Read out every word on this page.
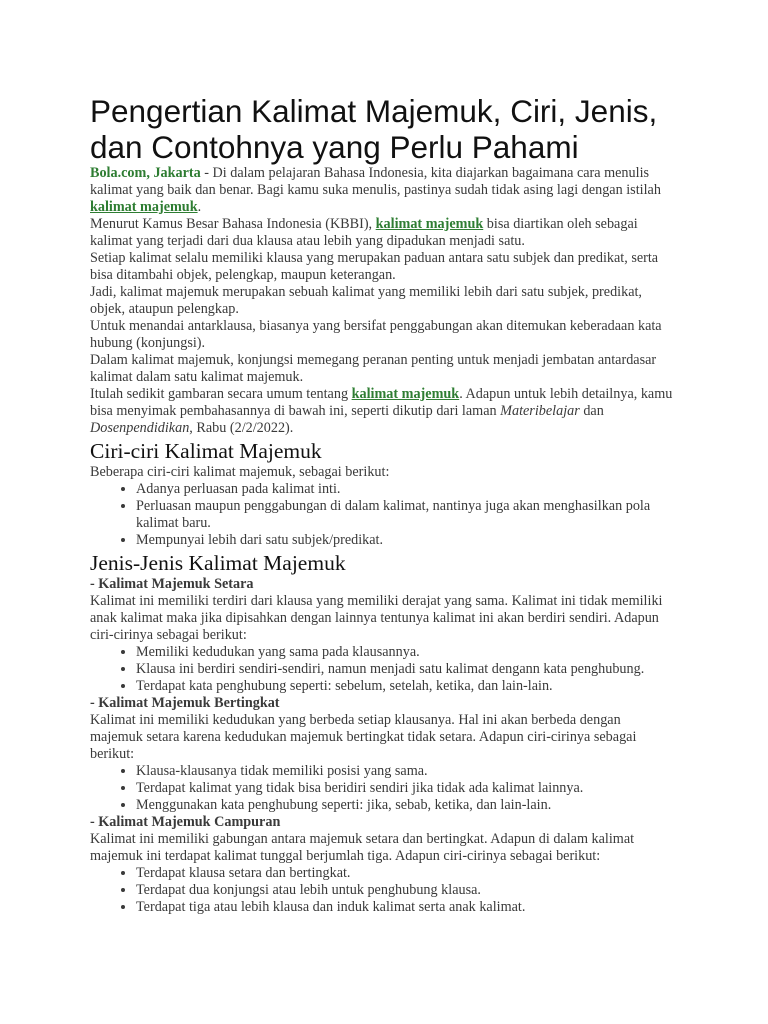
Pengertian Kalimat Majemuk, Ciri, Jenis, dan Contohnya yang Perlu Pahami

Bola.com, Jakarta - Di dalam pelajaran Bahasa Indonesia, kita diajarkan bagaimana cara menulis kalimat yang baik dan benar. Bagi kamu suka menulis, pastinya sudah tidak asing lagi dengan istilah kalimat majemuk.

Menurut Kamus Besar Bahasa Indonesia (KBBI), kalimat majemuk bisa diartikan oleh sebagai kalimat yang terjadi dari dua klausa atau lebih yang dipadukan menjadi satu.

Setiap kalimat selalu memiliki klausa yang merupakan paduan antara satu subjek dan predikat, serta bisa ditambahi objek, pelengkap, maupun keterangan.

Jadi, kalimat majemuk merupakan sebuah kalimat yang memiliki lebih dari satu subjek, predikat, objek, ataupun pelengkap.

Untuk menandai antarklausa, biasanya yang bersifat penggabungan akan ditemukan keberadaan kata hubung (konjungsi).

Dalam kalimat majemuk, konjungsi memegang peranan penting untuk menjadi jembatan antardasar kalimat dalam satu kalimat majemuk.

Itulah sedikit gambaran secara umum tentang kalimat majemuk. Adapun untuk lebih detailnya, kamu bisa menyimak pembahasannya di bawah ini, seperti dikutip dari laman Materibelajar dan Dosenpendidikan, Rabu (2/2/2022).

Ciri-ciri Kalimat Majemuk

Beberapa ciri-ciri kalimat majemuk, sebagai berikut:

• Adanya perluasan pada kalimat inti.
• Perluasan maupun penggabungan di dalam kalimat, nantinya juga akan menghasilkan pola kalimat baru.
• Mempunyai lebih dari satu subjek/predikat.
Jenis-Jenis Kalimat Majemuk
- Kalimat Majemuk Setara

Kalimat ini memiliki terdiri dari klausa yang memiliki derajat yang sama. Kalimat ini tidak memiliki anak kalimat maka jika dipisahkan dengan lainnya tentunya kalimat ini akan berdiri sendiri. Adapun ciri-cirinya sebagai berikut:

• Memiliki kedudukan yang sama pada klausannya.
• Klausa ini berdiri sendiri-sendiri, namun menjadi satu kalimat dengann kata penghubung.
• Terdapat kata penghubung seperti: sebelum, setelah, ketika, dan lain-lain.
- Kalimat Majemuk Bertingkat

Kalimat ini memiliki kedudukan yang berbeda setiap klausanya. Hal ini akan berbeda dengan majemuk setara karena kedudukan majemuk bertingkat tidak setara. Adapun ciri-cirinya sebagai berikut:

• Klausa-klausanya tidak memiliki posisi yang sama.
• Terdapat kalimat yang tidak bisa beridiri sendiri jika tidak ada kalimat lainnya.
• Menggunakan kata penghubung seperti: jika, sebab, ketika, dan lain-lain.
- Kalimat Majemuk Campuran

Kalimat ini memiliki gabungan antara majemuk setara dan bertingkat. Adapun di dalam kalimat majemuk ini terdapat kalimat tunggal berjumlah tiga. Adapun ciri-cirinya sebagai berikut:

• Terdapat klausa setara dan bertingkat.
• Terdapat dua konjungsi atau lebih untuk penghubung klausa.
• Terdapat tiga atau lebih klausa dan induk kalimat serta anak kalimat.
